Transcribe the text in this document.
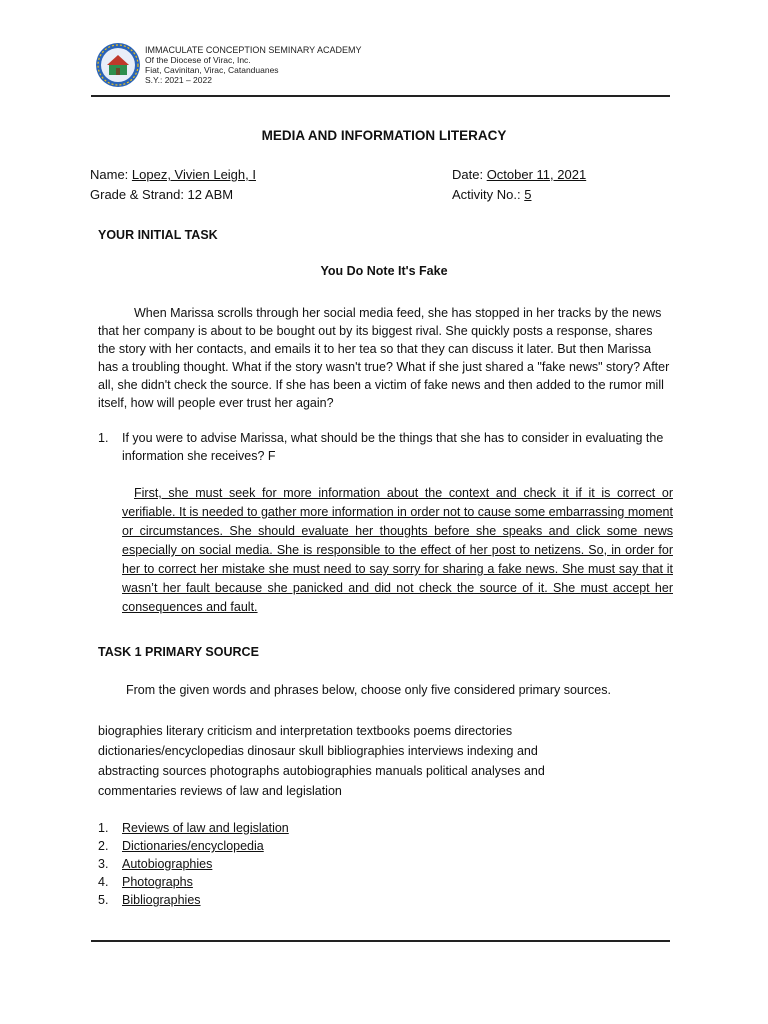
IMMACULATE CONCEPTION SEMINARY ACADEMY
Of the Diocese of Virac, Inc.
Fiat, Cavinitan, Virac, Catanduanes
S.Y.: 2021 – 2022
MEDIA AND INFORMATION LITERACY
Name: Lopez, Vivien Leigh, I
Grade & Strand: 12 ABM
Date: October 11, 2021
Activity No.: 5
YOUR INITIAL TASK
You Do Note It's Fake
When Marissa scrolls through her social media feed, she has stopped in her tracks by the news that her company is about to be bought out by its biggest rival. She quickly posts a response, shares the story with her contacts, and emails it to her tea so that they can discuss it later. But then Marissa has a troubling thought. What if the story wasn't true? What if she just shared a "fake news" story? After all, she didn't check the source. If she has been a victim of fake news and then added to the rumor mill itself, how will people ever trust her again?
1.	If you were to advise Marissa, what should be the things that she has to consider in evaluating the information she receives? F
First, she must seek for more information about the context and check it if it is correct or verifiable. It is needed to gather more information in order not to cause some embarrassing moment or circumstances. She should evaluate her thoughts before she speaks and click some news especially on social media. She is responsible to the effect of her post to netizens. So, in order for her to correct her mistake she must need to say sorry for sharing a fake news. She must say that it wasn’t her fault because she panicked and did not check the source of it. She must accept her consequences and fault.
TASK 1 PRIMARY SOURCE
From the given words and phrases below, choose only five considered primary sources.
biographies literary criticism and interpretation textbooks poems directories dictionaries/encyclopedias dinosaur skull bibliographies interviews indexing and abstracting sources photographs autobiographies manuals political analyses and commentaries reviews of law and legislation
1.	Reviews of law and legislation
2.	Dictionaries/encyclopedia
3.	Autobiographies
4.	Photographs
5.	Bibliographies
